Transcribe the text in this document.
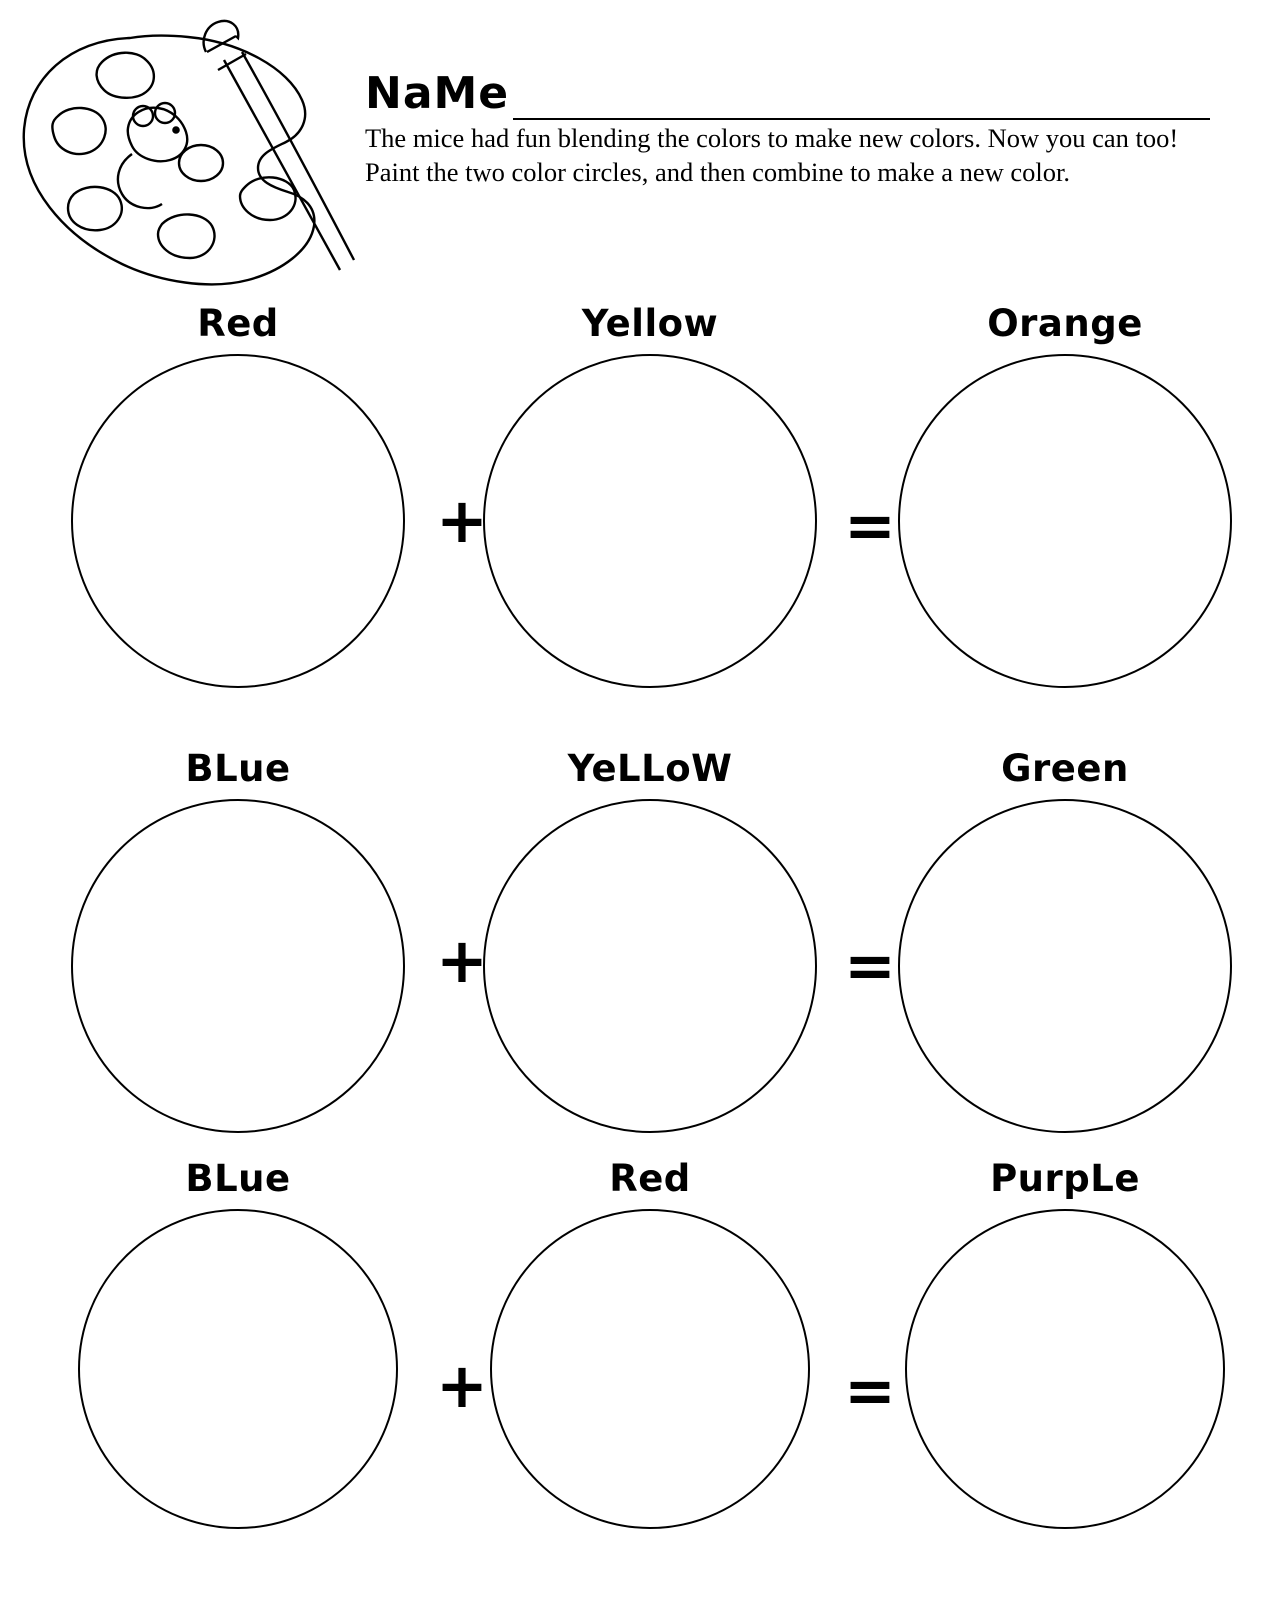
NaMe
The mice had fun blending the colors to make new colors. Now you can too! Paint the two color circles, and then combine to make a new color.
Red	Yellow	Orange
BLue	YeLLoW	Green
BLue	Red	PurpLe
+	=
+	=
+	=
